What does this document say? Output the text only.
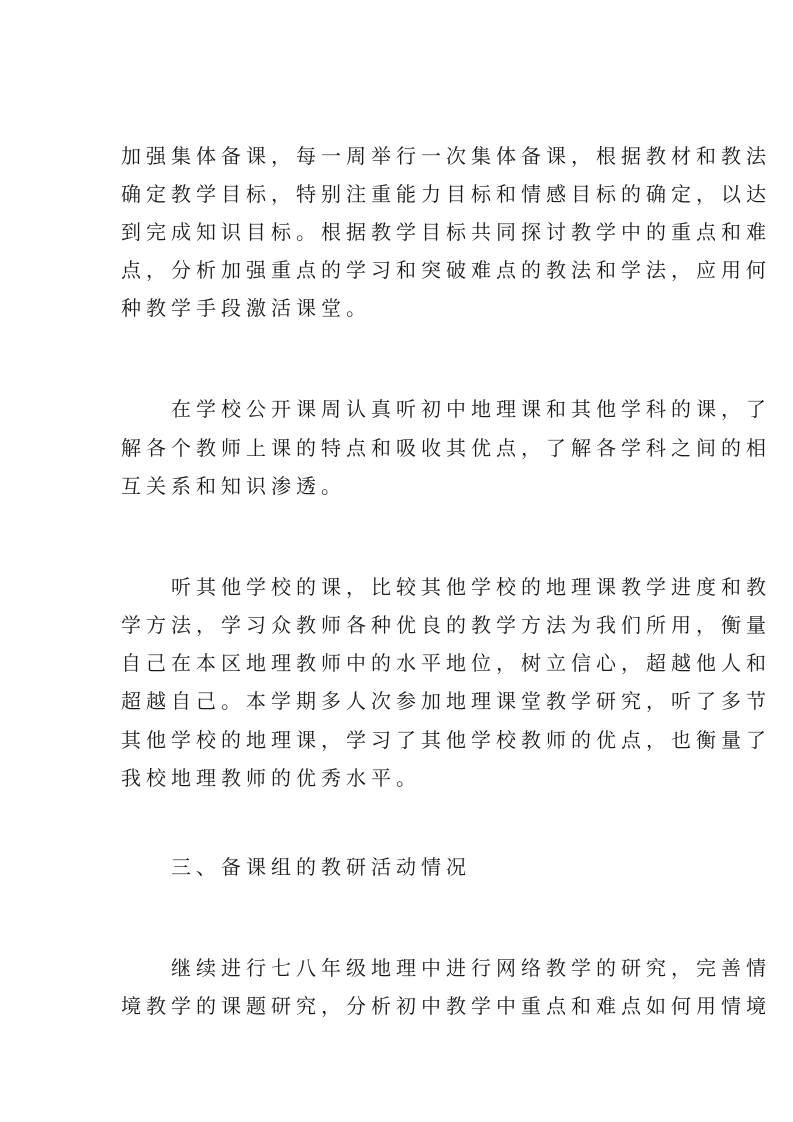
加强集体备课，每一周举行一次集体备课，根据教材和教法
确定教学目标，特别注重能力目标和情感目标的确定，以达
到完成知识目标。根据教学目标共同探讨教学中的重点和难
点，分析加强重点的学习和突破难点的教法和学法，应用何
种教学手段激活课堂。
在学校公开课周认真听初中地理课和其他学科的课，了
解各个教师上课的特点和吸收其优点，了解各学科之间的相
互关系和知识渗透。
听其他学校的课，比较其他学校的地理课教学进度和教
学方法，学习众教师各种优良的教学方法为我们所用，衡量
自己在本区地理教师中的水平地位，树立信心，超越他人和
超越自己。本学期多人次参加地理课堂教学研究，听了多节
其他学校的地理课，学习了其他学校教师的优点，也衡量了
我校地理教师的优秀水平。
三、备课组的教研活动情况
继续进行七八年级地理中进行网络教学的研究，完善情
境教学的课题研究，分析初中教学中重点和难点如何用情境
